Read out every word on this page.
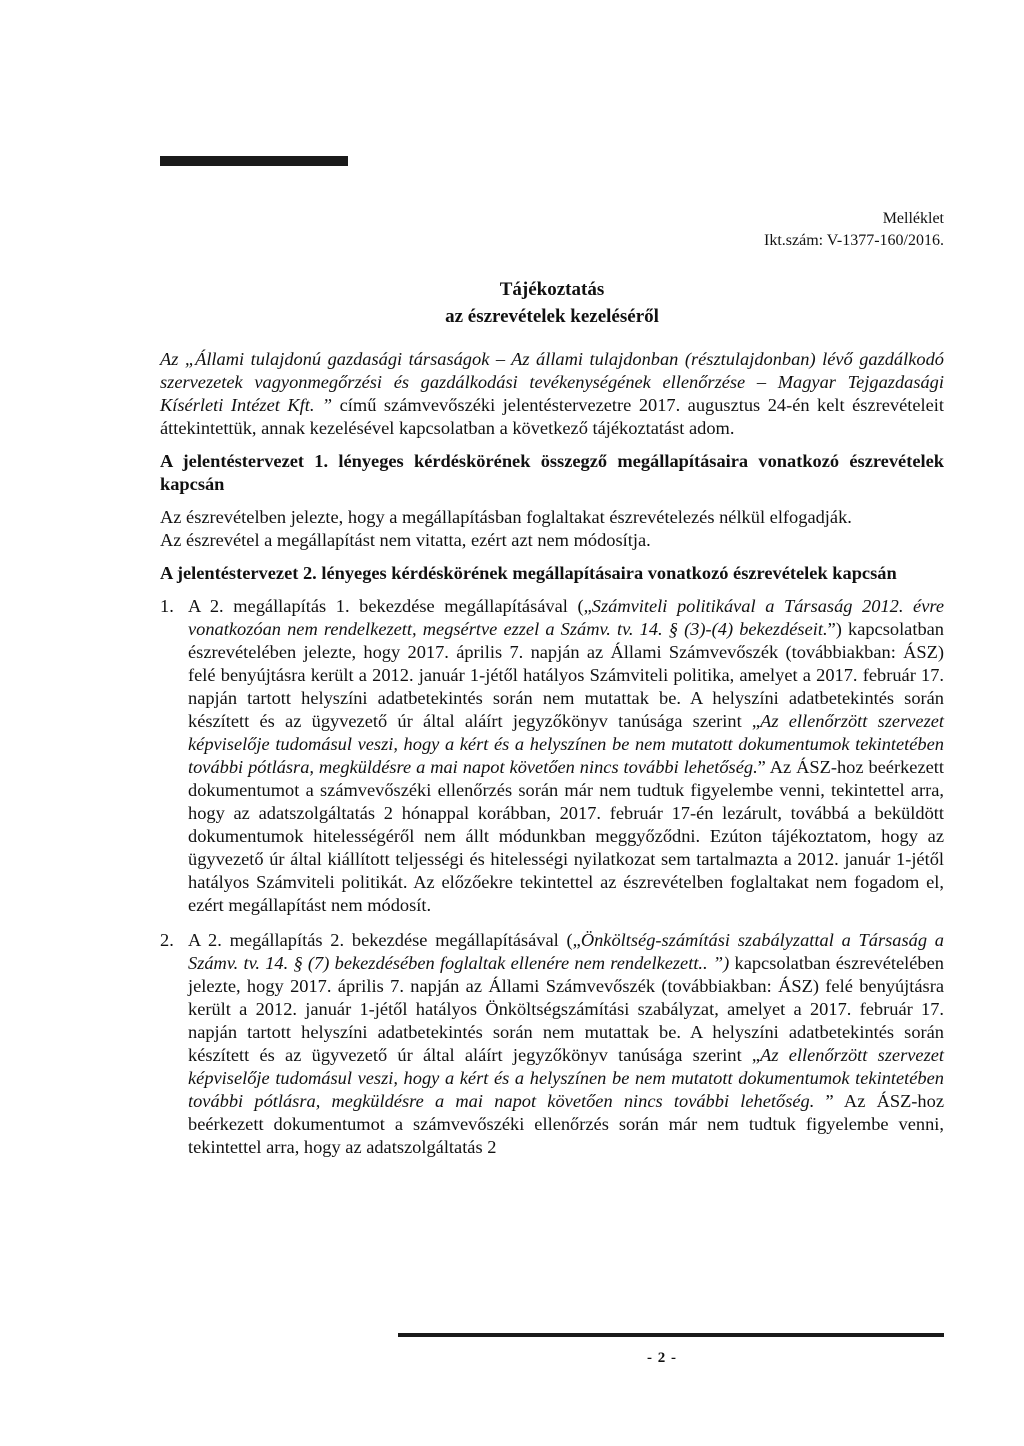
Melléklet
Ikt.szám: V-1377-160/2016.
Tájékoztatás
az észrevételek kezeléséről

Az „Állami tulajdonú gazdasági társaságok – Az állami tulajdonban (résztulajdonban) lévő gazdálkodó szervezetek vagyonmegőrzési és gazdálkodási tevékenységének ellenőrzése – Magyar Tejgazdasági Kísérleti Intézet Kft. ” című számvevőszéki jelentéstervezetre 2017. augusztus 24-én kelt észrevételeit áttekintettük, annak kezelésével kapcsolatban a következő tájékoztatást adom.

A jelentéstervezet 1. lényeges kérdéskörének összegző megállapításaira vonatkozó észrevételek kapcsán

Az észrevételben jelezte, hogy a megállapításban foglaltakat észrevételezés nélkül elfogadják.
Az észrevétel a megállapítást nem vitatta, ezért azt nem módosítja.

A jelentéstervezet 2. lényeges kérdéskörének megállapításaira vonatkozó észrevételek kapcsán

1. A 2. megállapítás 1. bekezdése megállapításával („Számviteli politikával a Társaság 2012. évre vonatkozóan nem rendelkezett, megsértve ezzel a Számv. tv. 14. § (3)-(4) bekezdéseit.”) kapcsolatban észrevételében jelezte, hogy 2017. április 7. napján az Állami Számvevőszék (továbbiakban: ÁSZ) felé benyújtásra került a 2012. január 1-jétől hatályos Számviteli politika, amelyet a 2017. február 17. napján tartott helyszíni adatbetekintés során nem mutattak be. A helyszíni adatbetekintés során készített és az ügyvezető úr által aláírt jegyzőkönyv tanúsága szerint „Az ellenőrzött szervezet képviselője tudomásul veszi, hogy a kért és a helyszínen be nem mutatott dokumentumok tekintetében további pótlásra, megküldésre a mai napot követően nincs további lehetőség.” Az ÁSZ-hoz beérkezett dokumentumot a számvevőszéki ellenőrzés során már nem tudtuk figyelembe venni, tekintettel arra, hogy az adatszolgáltatás 2 hónappal korábban, 2017. február 17-én lezárult, továbbá a beküldött dokumentumok hitelességéről nem állt módunkban meggyőződni. Ezúton tájékoztatom, hogy az ügyvezető úr által kiállított teljességi és hitelességi nyilatkozat sem tartalmazta a 2012. január 1-jétől hatályos Számviteli politikát. Az előzőekre tekintettel az észrevételben foglaltakat nem fogadom el, ezért megállapítást nem módosít.
2. A 2. megállapítás 2. bekezdése megállapításával („Önköltség-számítási szabályzattal a Társaság a Számv. tv. 14. § (7) bekezdésében foglaltak ellenére nem rendelkezett.. ”) kapcsolatban észrevételében jelezte, hogy 2017. április 7. napján az Állami Számvevőszék (továbbiakban: ÁSZ) felé benyújtásra került a 2012. január 1-jétől hatályos Önköltségszámítási szabályzat, amelyet a 2017. február 17. napján tartott helyszíni adatbetekintés során nem mutattak be. A helyszíni adatbetekintés során készített és az ügyvezető úr által aláírt jegyzőkönyv tanúsága szerint „Az ellenőrzött szervezet képviselője tudomásul veszi, hogy a kért és a helyszínen be nem mutatott dokumentumok tekintetében további pótlásra, megküldésre a mai napot követően nincs további lehetőség. ” Az ÁSZ-hoz beérkezett dokumentumot a számvevőszéki ellenőrzés során már nem tudtuk figyelembe venni, tekintettel arra, hogy az adatszolgáltatás 2
- 2 -
